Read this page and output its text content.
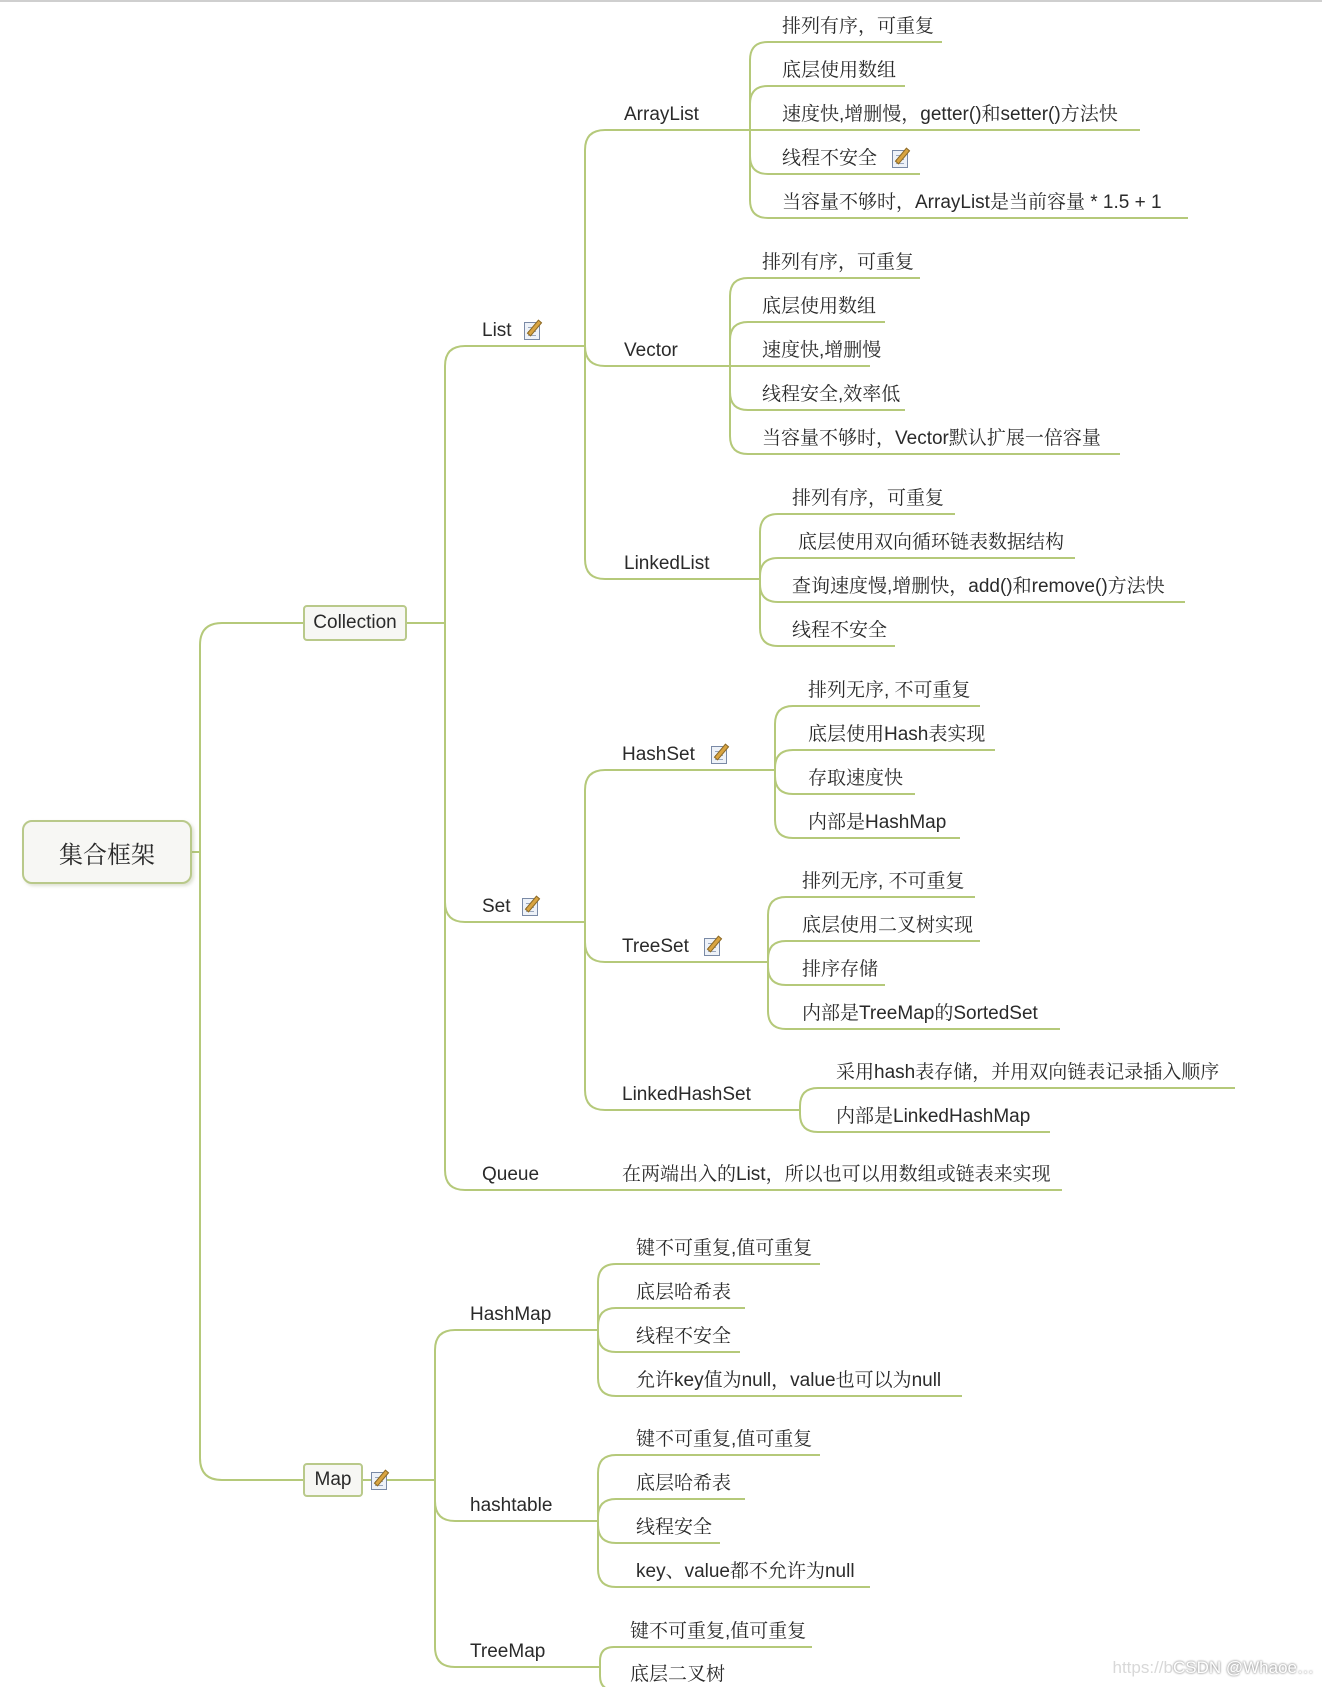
集合框架
Collection
Map
List
Set
Queue	在两端出入的List，所以也可以用数组或链表来实现
ArrayList
排列有序，可重复
底层使用数组
速度快,增删慢，getter()和setter()方法快
线程不安全
当容量不够时，ArrayList是当前容量 * 1.5 + 1
Vector
排列有序，可重复
底层使用数组
速度快,增删慢
线程安全,效率低
当容量不够时，Vector默认扩展一倍容量
LinkedList
排列有序，可重复
底层使用双向循环链表数据结构
查询速度慢,增删快，add()和remove()方法快
线程不安全
HashSet
排列无序, 不可重复
底层使用Hash表实现
存取速度快
内部是HashMap
TreeSet
排列无序, 不可重复
底层使用二叉树实现
排序存储
内部是TreeMap的SortedSet
LinkedHashSet
采用hash表存储，并用双向链表记录插入顺序
内部是LinkedHashMap
HashMap
键不可重复,值可重复
底层哈希表
线程不安全
允许key值为null，value也可以为null
hashtable
键不可重复,值可重复
底层哈希表
线程安全
key、value都不允许为null
TreeMap
键不可重复,值可重复
底层二叉树	https://bCSDN @Whaoe…
